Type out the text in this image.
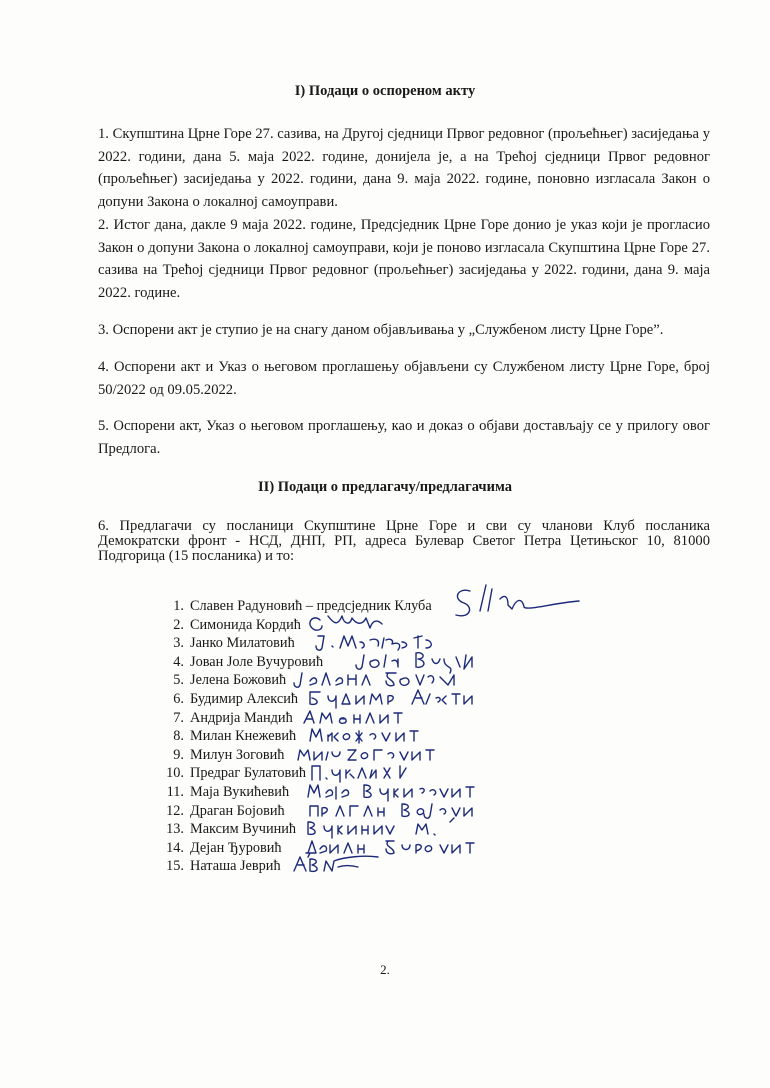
I) Подаци о оспореном акту

1. Скупштина Црне Горе 27. сазива, на Другој сједници Првог редовног (прољећњег) засиједања у 2022. години, дана 5. маја 2022. године, донијела је, а на Трећој сједници Првог редовног (прољећњег) засиједања у 2022. години, дана 9. маја 2022. године, поновно изгласала Закон о допуни Закона о локалној самоуправи.

2. Истог дана, дакле 9 маја 2022. године, Предсједник Црне Горе донио је указ који је прогласио Закон о допуни Закона о локалној самоуправи, који је поново изгласала Скупштина Црне Горе 27. сазива на Трећој сједници Првог редовног (прољећњег) засиједања у 2022. години, дана 9. маја 2022. године.

3. Оспорени акт је ступио је на снагу даном објављивања у „Службеном листу Црне Горе”.

4. Оспорени акт и Указ о његовом проглашењу објављени су Службеном листу Црне Горе, број 50/2022 од 09.05.2022.

5. Оспорени акт, Указ о његовом проглашењу, као и доказ о објави достављају се у прилогу овог Предлога.

II) Подаци о предлагачу/предлагачима

6. Предлагачи су посланици Скупштине Црне Горе и сви су чланови Клуб посланика Демократски фронт - НСД, ДНП, РП, адреса Булевар Светог Петра Цетињског 10, 81000 Подгорица (15 посланика) и то:

1. Славен Радуновић – предсједник Клуба
2. Симонида Кордић
3. Јанко Милатовић
4. Јован Јоле Вучуровић
5. Јелена Божовић
6. Будимир Алексић
7. Андрија Мандић
8. Милан Кнежевић
9. Милун Зоговић
10. Предраг Булатовић
11. Маја Вукићевић
12. Драган Бојовић
13. Максим Вучинић
14. Дејан Ђуровић
15. Наташа Јеврић
2.
